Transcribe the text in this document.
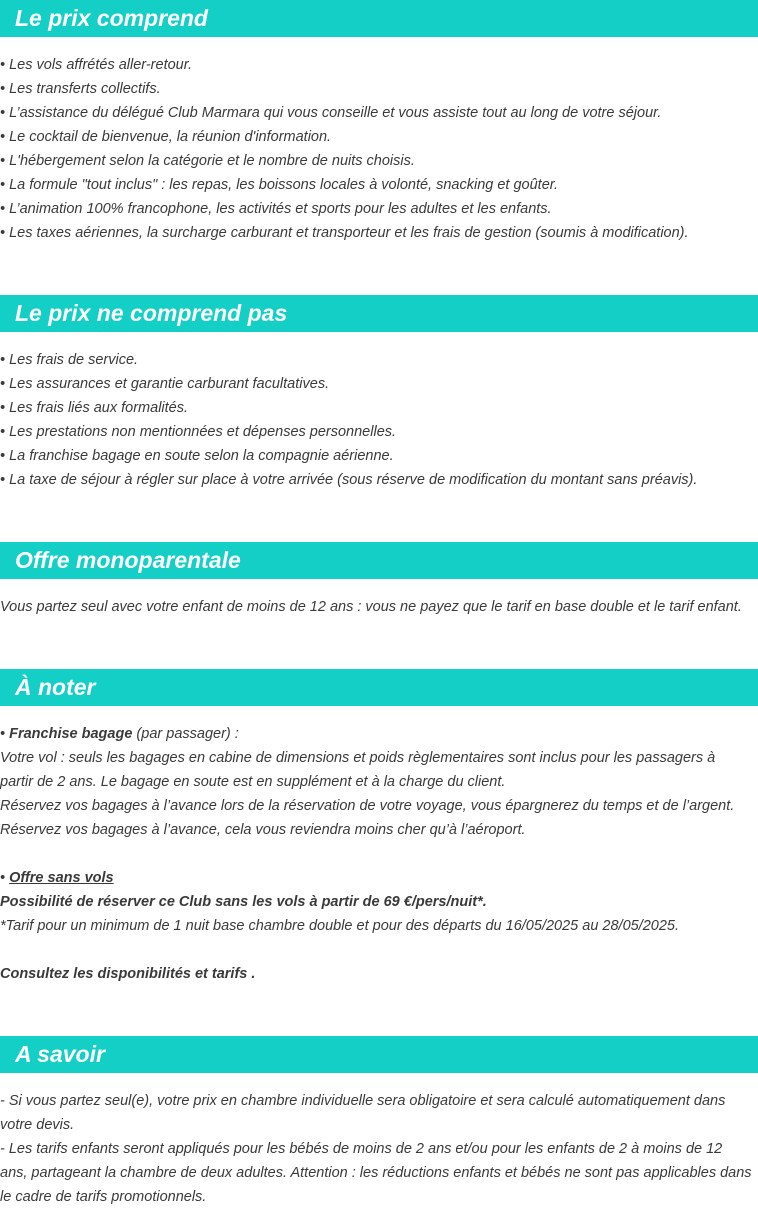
Le prix comprend

• Les vols affrétés aller-retour.

• Les transferts collectifs.

• L’assistance du délégué Club Marmara qui vous conseille et vous assiste tout au long de votre séjour.

• Le cocktail de bienvenue, la réunion d'information.

• L'hébergement selon la catégorie et le nombre de nuits choisis.

• La formule "tout inclus" : les repas, les boissons locales à volonté, snacking et goûter.

• L’animation 100% francophone, les activités et sports pour les adultes et les enfants.

• Les taxes aériennes, la surcharge carburant et transporteur et les frais de gestion (soumis à modification).

Le prix ne comprend pas

• Les frais de service.

• Les assurances et garantie carburant facultatives.

• Les frais liés aux formalités.

• Les prestations non mentionnées et dépenses personnelles.

• La franchise bagage en soute selon la compagnie aérienne.

• La taxe de séjour à régler sur place à votre arrivée (sous réserve de modification du montant sans préavis).

Offre monoparentale

Vous partez seul avec votre enfant de moins de 12 ans : vous ne payez que le tarif en base double et le tarif enfant.

À noter

• Franchise bagage (par passager) :

Votre vol : seuls les bagages en cabine de dimensions et poids règlementaires sont inclus pour les passagers à partir de 2 ans. Le bagage en soute est en supplément et à la charge du client.

Réservez vos bagages à l’avance lors de la réservation de votre voyage, vous épargnerez du temps et de l’argent.

Réservez vos bagages à l’avance, cela vous reviendra moins cher qu’à l’aéroport.

• Offre sans vols

Possibilité de réserver ce Club sans les vols à partir de 69 €/pers/nuit*.

*Tarif pour un minimum de 1 nuit base chambre double et pour des départs du 16/05/2025 au 28/05/2025.

Consultez les disponibilités et tarifs .

A savoir

- Si vous partez seul(e), votre prix en chambre individuelle sera obligatoire et sera calculé automatiquement dans votre devis.

- Les tarifs enfants seront appliqués pour les bébés de moins de 2 ans et/ou pour les enfants de 2 à moins de 12 ans, partageant la chambre de deux adultes. Attention : les réductions enfants et bébés ne sont pas applicables dans le cadre de tarifs promotionnels.
